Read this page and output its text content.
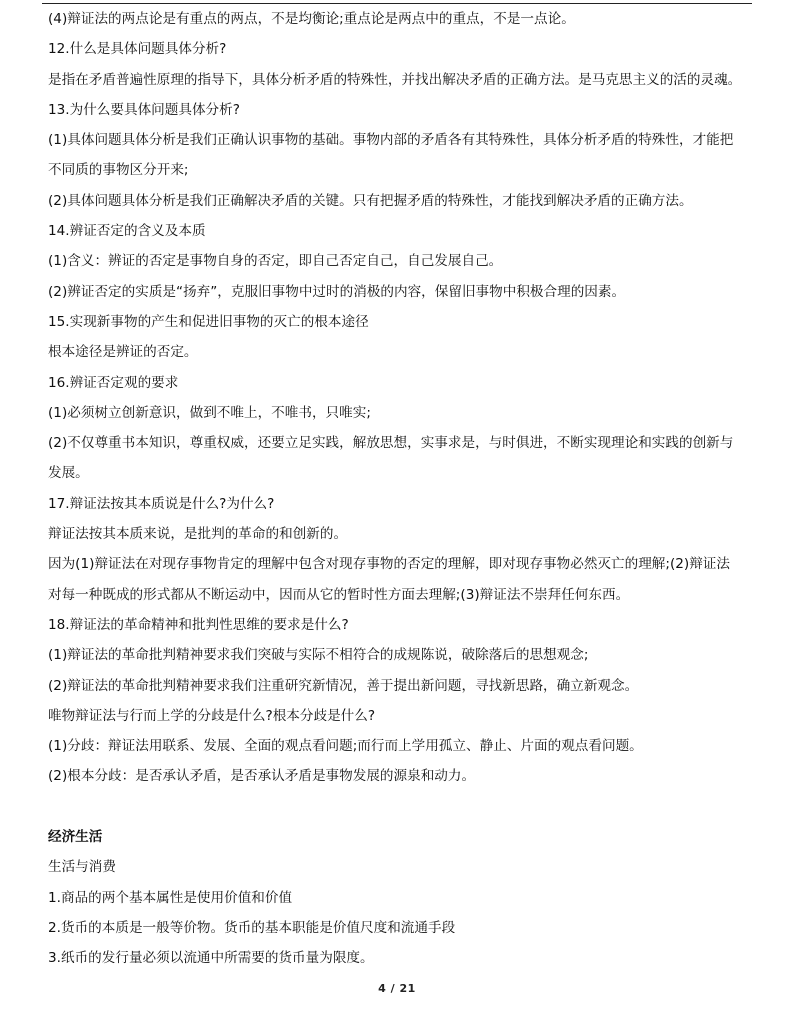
(4)辩证法的两点论是有重点的两点，不是均衡论;重点论是两点中的重点，不是一点论。
12.什么是具体问题具体分析?
是指在矛盾普遍性原理的指导下，具体分析矛盾的特殊性，并找出解决矛盾的正确方法。是马克思主义的活的灵魂。
13.为什么要具体问题具体分析?
(1)具体问题具体分析是我们正确认识事物的基础。事物内部的矛盾各有其特殊性，具体分析矛盾的特殊性，才能把
不同质的事物区分开来;
(2)具体问题具体分析是我们正确解决矛盾的关键。只有把握矛盾的特殊性，才能找到解决矛盾的正确方法。
14.辨证否定的含义及本质
(1)含义：辨证的否定是事物自身的否定，即自己否定自己，自己发展自己。
(2)辨证否定的实质是“扬弃”，克服旧事物中过时的消极的内容，保留旧事物中积极合理的因素。
15.实现新事物的产生和促进旧事物的灭亡的根本途径
根本途径是辨证的否定。
16.辨证否定观的要求
(1)必须树立创新意识，做到不唯上，不唯书，只唯实;
(2)不仅尊重书本知识，尊重权威，还要立足实践，解放思想，实事求是，与时俱进，不断实现理论和实践的创新与
发展。
17.辩证法按其本质说是什么?为什么?
辩证法按其本质来说，是批判的革命的和创新的。
因为(1)辩证法在对现存事物肯定的理解中包含对现存事物的否定的理解，即对现存事物必然灭亡的理解;(2)辩证法
对每一种既成的形式都从不断运动中，因而从它的暂时性方面去理解;(3)辩证法不崇拜任何东西。
18.辩证法的革命精神和批判性思维的要求是什么?
(1)辩证法的革命批判精神要求我们突破与实际不相符合的成规陈说，破除落后的思想观念;
(2)辩证法的革命批判精神要求我们注重研究新情况，善于提出新问题，寻找新思路，确立新观念。
唯物辩证法与行而上学的分歧是什么?根本分歧是什么?
(1)分歧：辩证法用联系、发展、全面的观点看问题;而行而上学用孤立、静止、片面的观点看问题。
(2)根本分歧：是否承认矛盾，是否承认矛盾是事物发展的源泉和动力。
经济生活
生活与消费
1.商品的两个基本属性是使用价值和价值
2.货币的本质是一般等价物。货币的基本职能是价值尺度和流通手段
3.纸币的发行量必须以流通中所需要的货币量为限度。
4 / 21
